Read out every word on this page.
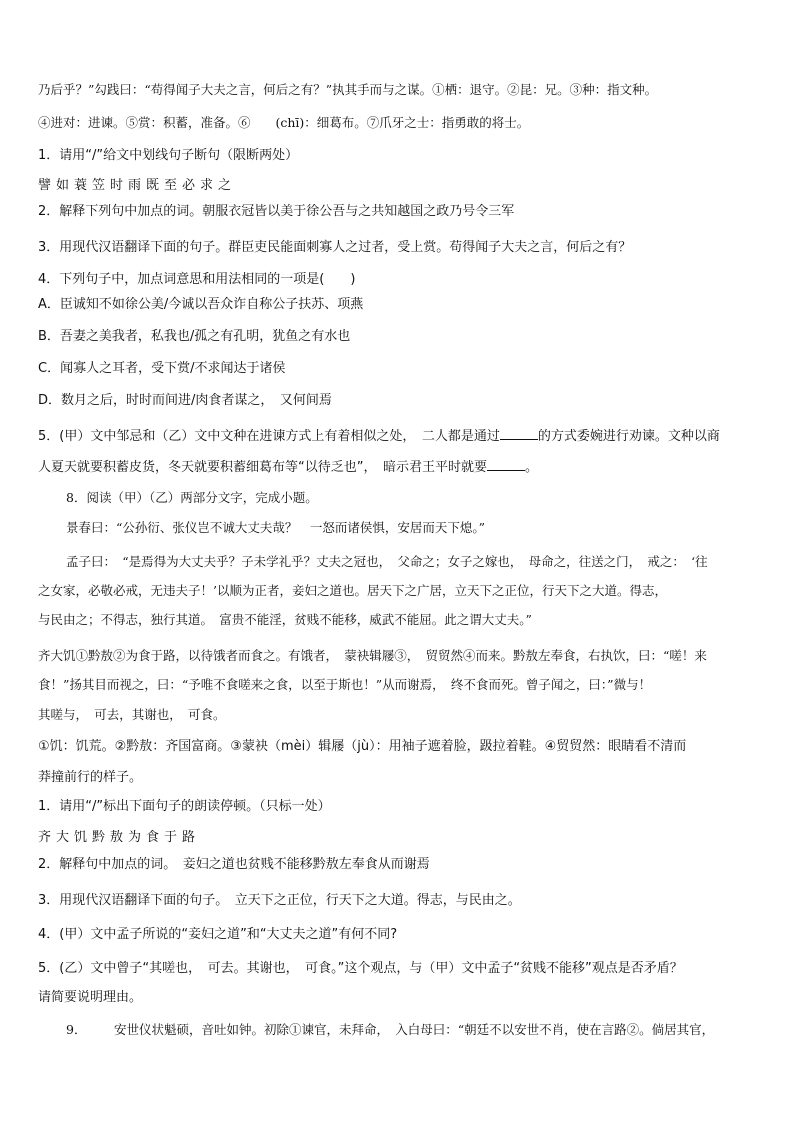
乃后乎？”勾践曰：“苟得闻子大夫之言，何后之有？”执其手而与之谋。①栖：退守。②昆：兄。③种：指文种。
④进对：进谏。⑤赏：积蓄，准备。⑥　　(chī)：细葛布。⑦爪牙之士：指勇敢的将士。
1．请用“/”给文中划线句子断句（限断两处）
譬如蓑笠时雨既至必求之
2．解释下列句中加点的词。朝服衣冠皆以美于徐公吾与之共知越国之政乃号令三军
3．用现代汉语翻译下面的句子。群臣吏民能面刺寡人之过者，受上赏。苟得闻子大夫之言，何后之有？
4．下列句子中，加点词意思和用法相同的一项是(　　)
A．臣诚知不如徐公美/今诚以吾众诈自称公子扶苏、项燕
B．吾妻之美我者，私我也/孤之有孔明，犹鱼之有水也
C．闻寡人之耳者，受下赏/不求闻达于诸侯
D．数月之后，时时而间进/肉食者谋之，　又何间焉
5．(甲）文中邹忌和（乙）文中文种在进谏方式上有着相似之处，　二人都是通过	的方式委婉进行劝谏。文种以商
人夏天就要积蓄皮货，冬天就要积蓄细葛布等“以待乏也”，　暗示君王平时就要	。
8．阅读（甲）（乙）两部分文字，完成小题。
景春曰：“公孙衍、张仪岂不诚大丈夫哉？　一怒而诸侯惧，安居而天下熄。”
孟子曰：　“是焉得为大丈夫乎？子未学礼乎？丈夫之冠也，　父命之；女子之嫁也，　母命之，往送之门，　戒之：　‘往
之女家，必敬必戒，无违夫子！’以顺为正者，妾妇之道也。居天下之广居，立天下之正位，行天下之大道。得志，
与民由之；不得志，独行其道。　富贵不能淫，贫贱不能移，威武不能屈。此之谓大丈夫。”
齐大饥①黔敖②为食于路，以待饿者而食之。有饿者，　蒙袂辑屦③，　贸贸然④而来。黔敖左奉食，右执饮，曰：“嗟！来
食！”扬其目而视之，曰：“予唯不食嗟来之食，以至于斯也！”从而谢焉，　终不食而死。曾子闻之，曰：”微与！
其嗟与，　可去，其谢也，　可食。
①饥：饥荒。②黔敖：齐国富商。③蒙袂（mèi）辑屦（jù）：用袖子遮着脸，趿拉着鞋。④贸贸然：眼睛看不清而
莽撞前行的样子。
1．请用“/”标出下面句子的朗读停顿。（只标一处）
齐大饥黔敖为食于路
2．解释句中加点的词。　妾妇之道也贫贱不能移黔敖左奉食从而谢焉
3．用现代汉语翻译下面的句子。　立天下之正位，行天下之大道。得志，与民由之。
4．(甲）文中孟子所说的“妾妇之道”和“大丈夫之道”有何不同?
5．(乙）文中曾子“其嗟也，　可去。其谢也，　可食。”这个观点，与（甲）文中孟子“贫贱不能移”观点是否矛盾？
请简要说明理由。
9． 安世仪状魁硕，音吐如钟。初除①谏官，未拜命，　入白母曰：“朝廷不以安世不肖，使在言路②。倘居其官，
